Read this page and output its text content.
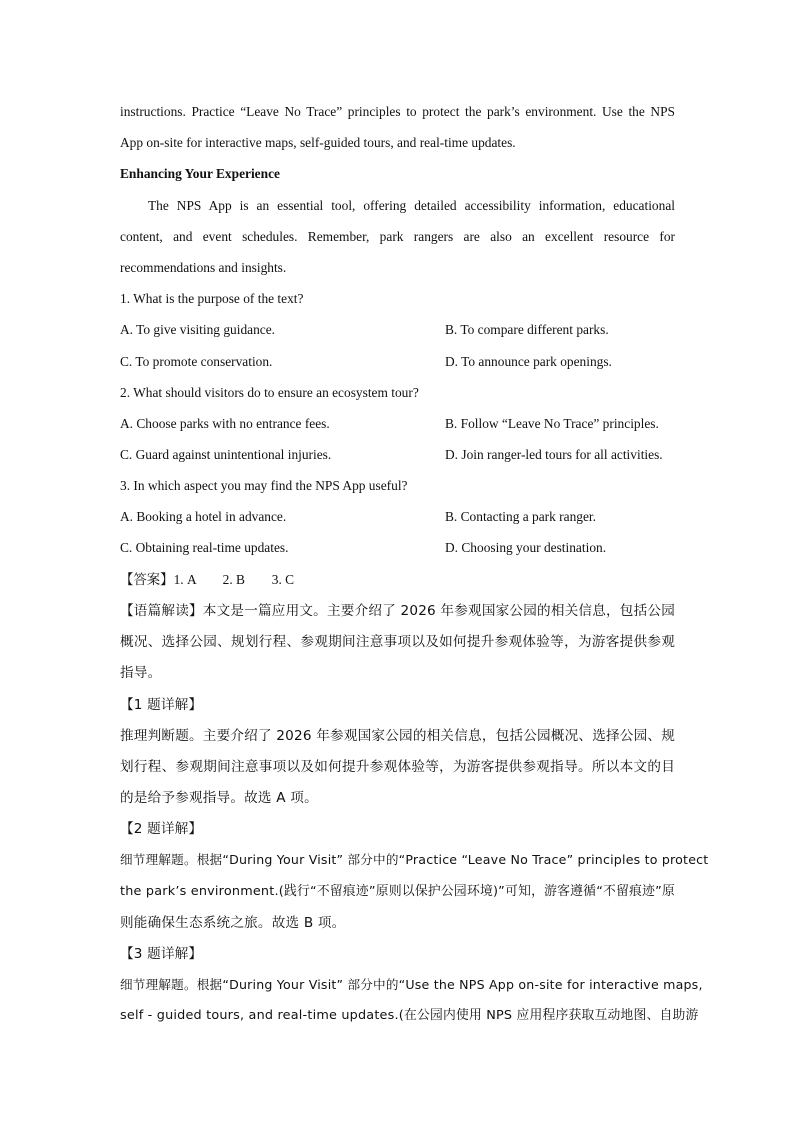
instructions. Practice “Leave No Trace” principles to protect the park’s environment. Use the NPS
App on-site for interactive maps, self-guided tours, and real-time updates.
Enhancing Your Experience
The NPS App is an essential tool, offering detailed accessibility information, educational
content, and event schedules. Remember, park rangers are also an excellent resource for
recommendations and insights.
1. What is the purpose of the text?
A. To give visiting guidance.	B. To compare different parks.
C. To promote conservation.	D. To announce park openings.
2. What should visitors do to ensure an ecosystem tour?
A. Choose parks with no entrance fees.	B. Follow “Leave No Trace” principles.
C. Guard against unintentional injuries.	D. Join ranger-led tours for all activities.
3. In which aspect you may find the NPS App useful?
A. Booking a hotel in advance.	B. Contacting a park ranger.
C. Obtaining real-time updates.	D. Choosing your destination.
【答案】1. A        2. B        3. C
【语篇解读】本文是一篇应用文。主要介绍了 2026 年参观国家公园的相关信息，包括公园
概况、选择公园、规划行程、参观期间注意事项以及如何提升参观体验等，为游客提供参观
指导。
【1 题详解】
推理判断题。主要介绍了 2026 年参观国家公园的相关信息，包括公园概况、选择公园、规
划行程、参观期间注意事项以及如何提升参观体验等，为游客提供参观指导。所以本文的目
的是给予参观指导。故选 A 项。
【2 题详解】
细节理解题。根据“During Your Visit” 部分中的“Practice “Leave No Trace” principles to protect
the park’s environment.(践行“不留痕迹”原则以保护公园环境)”可知，游客遵循“不留痕迹”原
则能确保生态系统之旅。故选 B 项。
【3 题详解】
细节理解题。根据“During Your Visit” 部分中的“Use the NPS App on-site for interactive maps,
self - guided tours, and real-time updates.(在公园内使用 NPS 应用程序获取互动地图、自助游
